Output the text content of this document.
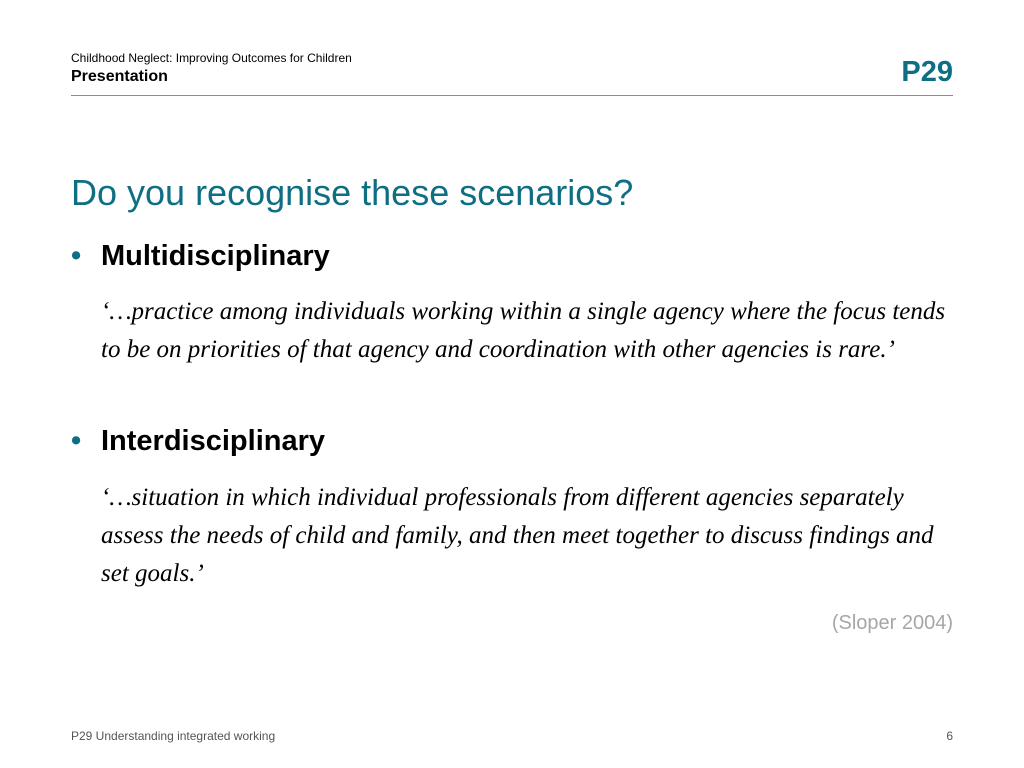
Childhood Neglect: Improving Outcomes for Children
Presentation	P29
Do you recognise these scenarios?
• Multidisciplinary
‘…practice among individuals working within a single agency where the focus tends to be on priorities of that agency and coordination with other agencies is rare.’
• Interdisciplinary
‘…situation in which individual professionals from different agencies separately assess the needs of child and family, and then meet together to discuss findings and set goals.’
(Sloper 2004)
P29 Understanding integrated working	6
